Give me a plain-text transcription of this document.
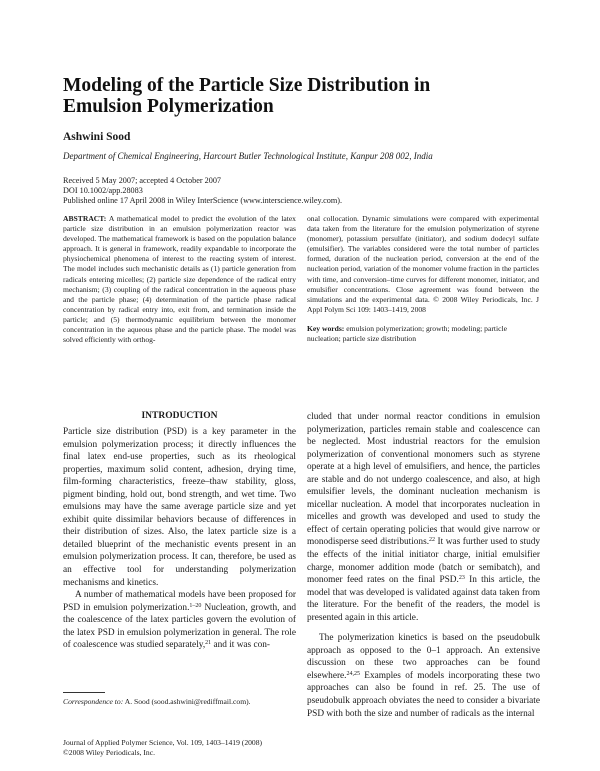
Modeling of the Particle Size Distribution in
Emulsion Polymerization
Ashwini Sood
Department of Chemical Engineering, Harcourt Butler Technological Institute, Kanpur 208 002, India
Received 5 May 2007; accepted 4 October 2007
DOI 10.1002/app.28083
Published online 17 April 2008 in Wiley InterScience (www.interscience.wiley.com).
ABSTRACT: A mathematical model to predict the evolution of the latex particle size distribution in an emulsion polymerization reactor was developed. The mathematical framework is based on the population balance approach. It is general in framework, readily expandable to incorporate the physiochemical phenomena of interest to the reacting system of interest. The model includes such mechanistic details as (1) particle generation from radicals entering micelles; (2) particle size dependence of the radical entry mechanism; (3) coupling of the radical concentration in the aqueous phase and the particle phase; (4) determination of the particle phase radical concentration by radical entry into, exit from, and termination inside the particle; and (5) thermodynamic equilibrium between the monomer concentration in the aqueous phase and the particle phase. The model was solved efficiently with orthog-
onal collocation. Dynamic simulations were compared with experimental data taken from the literature for the emulsion polymerization of styrene (monomer), potassium persulfate (initiator), and sodium dodecyl sulfate (emulsifier). The variables considered were the total number of particles formed, duration of the nucleation period, conversion at the end of the nucleation period, variation of the monomer volume fraction in the particles with time, and conversion–time curves for different monomer, initiator, and emulsifier concentrations. Close agreement was found between the simulations and the experimental data. © 2008 Wiley Periodicals, Inc. J Appl Polym Sci 109: 1403–1419, 2008
Key words: emulsion polymerization; growth; modeling; particle nucleation; particle size distribution
INTRODUCTION

Particle size distribution (PSD) is a key parameter in the emulsion polymerization process; it directly influences the final latex end-use properties, such as its rheological properties, maximum solid content, adhesion, drying time, film-forming characteristics, freeze–thaw stability, gloss, pigment binding, hold out, bond strength, and wet time. Two emulsions may have the same average particle size and yet exhibit quite dissimilar behaviors because of differences in their distribution of sizes. Also, the latex particle size is a detailed blueprint of the mechanistic events present in an emulsion polymerization process. It can, therefore, be used as an effective tool for understanding polymerization mechanisms and kinetics.

A number of mathematical models have been proposed for PSD in emulsion polymerization.$^{1-20}$ Nucleation, growth, and the coalescence of the latex particles govern the evolution of the latex PSD in emulsion polymerization in general. The role of coalescence was studied separately,$^{21}$ and it was con-

cluded that under normal reactor conditions in emulsion polymerization, particles remain stable and coalescence can be neglected. Most industrial reactors for the emulsion polymerization of conventional monomers such as styrene operate at a high level of emulsifiers, and hence, the particles are stable and do not undergo coalescence, and also, at high emulsifier levels, the dominant nucleation mechanism is micellar nucleation. A model that incorporates nucleation in micelles and growth was developed and used to study the effect of certain operating policies that would give narrow or monodisperse seed distributions.$^{22}$ It was further used to study the effects of the initial initiator charge, initial emulsifier charge, monomer addition mode (batch or semibatch), and monomer feed rates on the final PSD.$^{23}$ In this article, the model that was developed is validated against data taken from the literature. For the benefit of the readers, the model is presented again in this article.

The polymerization kinetics is based on the pseudobulk approach as opposed to the 0–1 approach. An extensive discussion on these two approaches can be found elsewhere.$^{24,25}$ Examples of models incorporating these two approaches can also be found in ref. 25. The use of pseudobulk approach obviates the need to consider a bivariate PSD with both the size and number of radicals as the internal

Correspondence to: A. Sood (sood.ashwini@rediffmail.com).
Journal of Applied Polymer Science, Vol. 109, 1403–1419 (2008)
©2008 Wiley Periodicals, Inc.
